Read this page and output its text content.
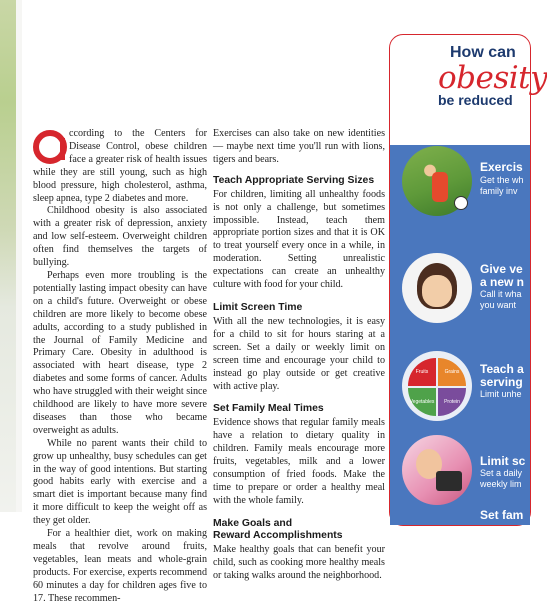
ccording to the Centers for Disease Control, obese children face a greater risk of health issues while they are still young, such as high blood pressure, high cholesterol, asthma, sleep apnea, type 2 diabetes and more.

Childhood obesity is also associated with a greater risk of depression, anxiety and low self-esteem. Overweight children often find themselves the targets of bullying.

Perhaps even more troubling is the potentially lasting impact obesity can have on a child's future. Overweight or obese children are more likely to become obese adults, according to a study published in the Journal of Family Medicine and Primary Care. Obesity in adulthood is associated with heart disease, type 2 diabetes and some forms of cancer. Adults who have struggled with their weight since childhood are likely to have more severe diseases than those who became overweight as adults.

While no parent wants their child to grow up unhealthy, busy schedules can get in the way of good intentions. But starting good habits early with exercise and a smart diet is important because many find it more difficult to keep the weight off as they get older.

For a healthier diet, work on making meals that revolve around fruits, vegetables, lean meats and whole-grain products. For exercise, experts recommend 60 minutes a day for children ages five to 17. These recommen-

Exercises can also take on new identities — maybe next time you'll run with lions, tigers and bears.

Teach Appropriate Serving Sizes

For children, limiting all unhealthy foods is not only a challenge, but sometimes impossible. Instead, teach them appropriate portion sizes and that it is OK to treat yourself every once in a while, in moderation. Setting unrealistic expectations can create an unhealthy culture with food for your child.

Limit Screen Time

With all the new technologies, it is easy for a child to sit for hours staring at a screen. Set a daily or weekly limit on screen time and encourage your child to instead go play outside or get creative with active play.

Set Family Meal Times

Evidence shows that regular family meals have a relation to dietary quality in children. Family meals encourage more fruits, vegetables, milk and a lower consumption of fried foods. Make the time to prepare or order a healthy meal with the whole family.

Make Goals and
Reward Accomplishments

Make healthy goals that can benefit your child, such as cooking more healthy meals or taking walks around the neighborhood.

How can
obesity
be reduced
Exercis
Get the wh
family inv
Give ve
a new n
Call it wha
you want
Fruits	Grains
Vegetables	Protein
Teach a
serving
Limit unhe
Limit sc
Set a daily
weekly lim
Set fam
